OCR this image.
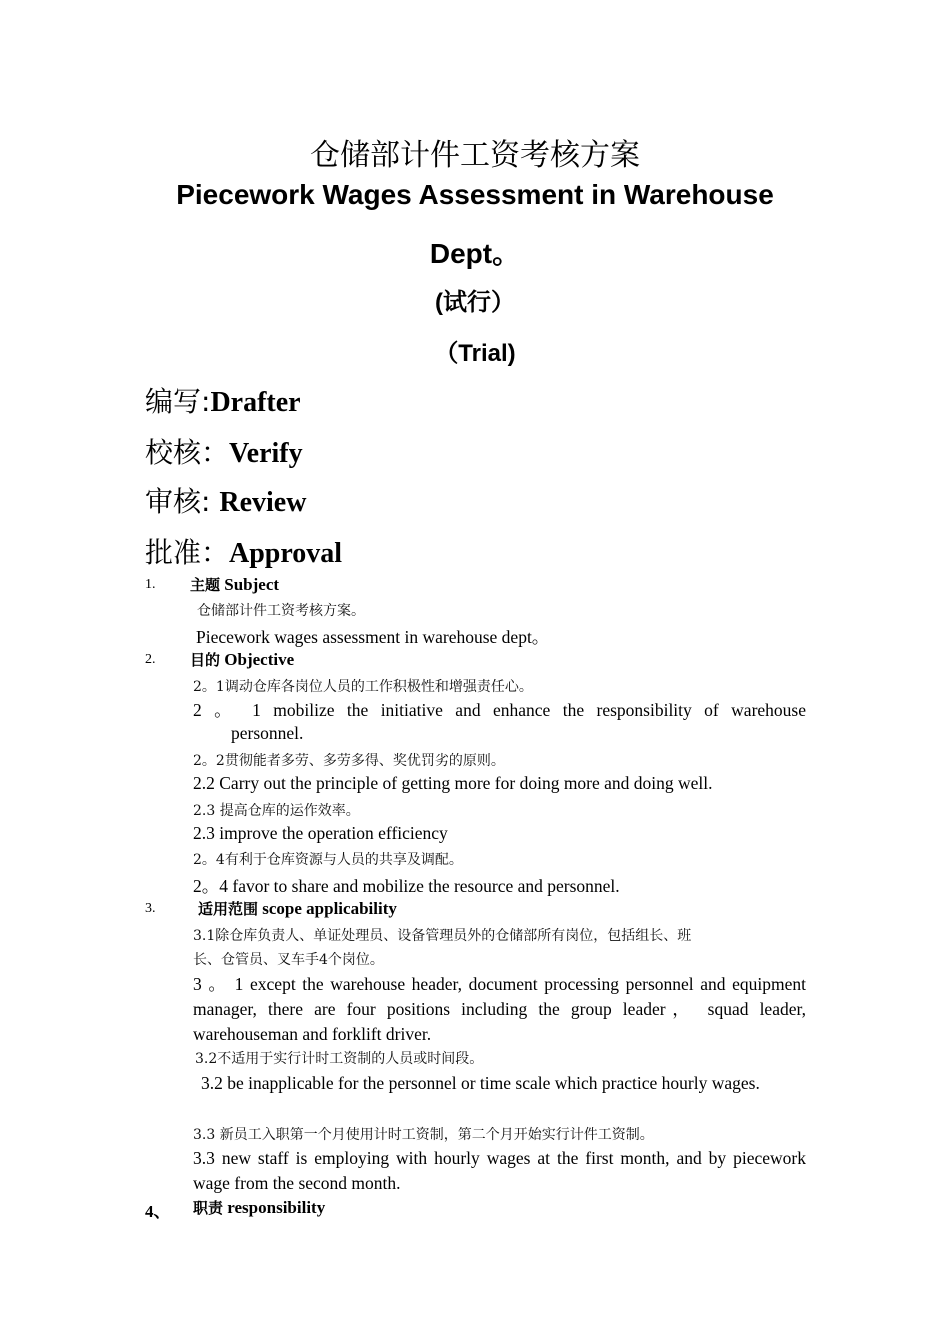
仓储部计件工资考核方案
Piecework Wages Assessment in Warehouse
Dept。
(试行）
（Trial)
编写:Drafter
校核：Verify
审核: Review
批准：Approval
1. 主题 Subject
仓储部计件工资考核方案。
Piecework wages assessment in warehouse dept。
2. 目的 Objective
2。1调动仓库各岗位人员的工作积极性和增强责任心。
2 。 1 mobilize the initiative and enhance the responsibility of warehouse
personnel.
2。2贯彻能者多劳、多劳多得、奖优罚劣的原则。
2.2 Carry out the principle of getting more for doing more and doing well.
2.3 提高仓库的运作效率。
2.3 improve the operation efficiency
2。4有利于仓库资源与人员的共享及调配。
2。4 favor to share and mobilize the resource and personnel.
3.	适用范围 scope applicability
3.1除仓库负责人、单证处理员、设备管理员外的仓储部所有岗位，包括组长、班
长、仓管员、叉车手4个岗位。
3 。 1 except the warehouse header, document processing personnel and equipment manager, there are four positions including the group leader， squad leader, warehouseman and forklift driver.
3.2不适用于实行计时工资制的人员或时间段。
3.2 be inapplicable for the personnel or time scale which practice hourly wages.
3.3 新员工入职第一个月使用计时工资制，第二个月开始实行计件工资制。
3.3 new staff is employing with hourly wages at the first month, and by piecework wage from the second month.
4、 职责 responsibility
